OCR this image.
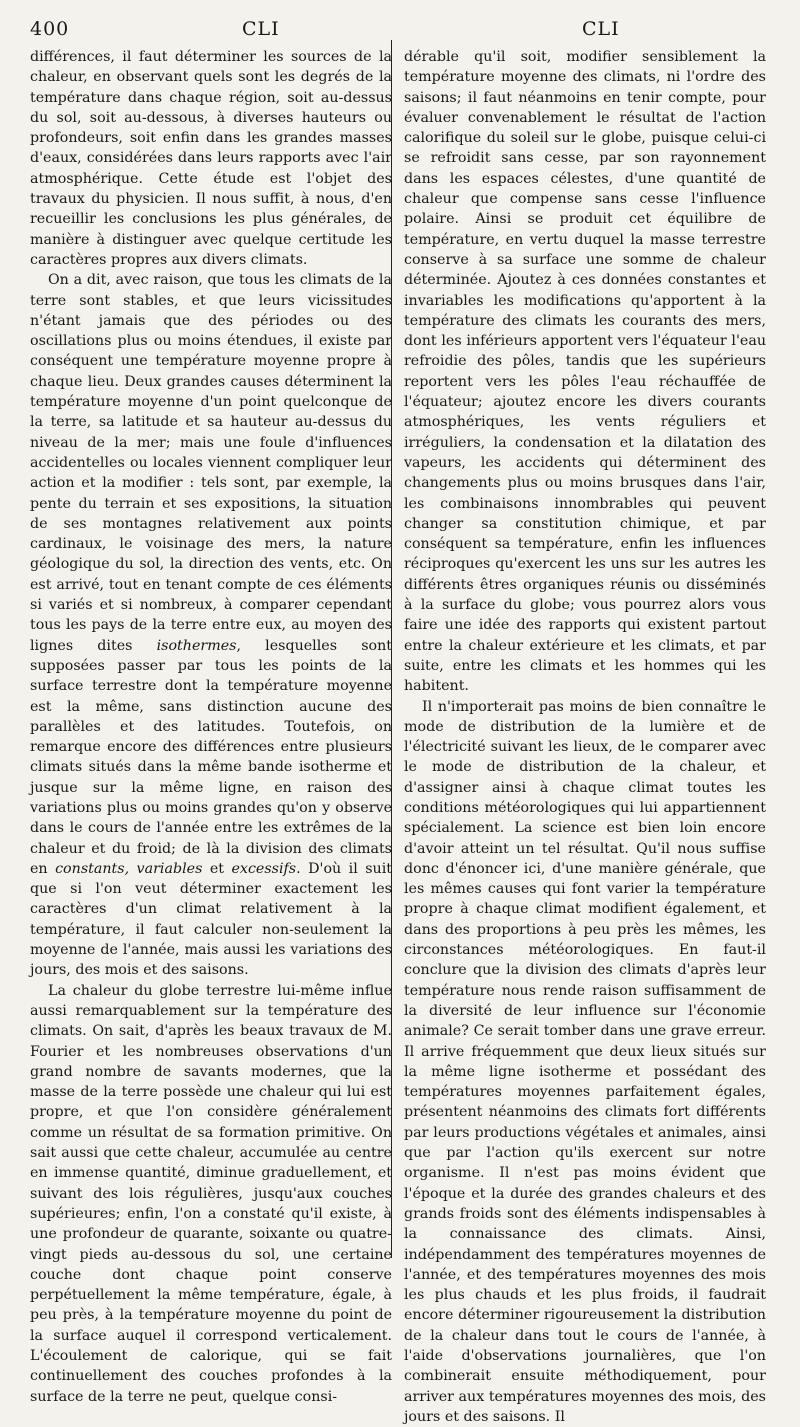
400	CLI	CLI

différences, il faut déterminer les sources de la chaleur, en observant quels sont les degrés de la température dans chaque région, soit au-dessus du sol, soit au-dessous, à diverses hauteurs ou profondeurs, soit enfin dans les grandes masses d'eaux, considérées dans leurs rapports avec l'air atmosphérique. Cette étude est l'objet des travaux du physicien. Il nous suffit, à nous, d'en recueillir les conclusions les plus générales, de manière à distinguer avec quelque certitude les caractères propres aux divers climats.

On a dit, avec raison, que tous les climats de la terre sont stables, et que leurs vicissitudes n'étant jamais que des périodes ou des oscillations plus ou moins étendues, il existe par conséquent une température moyenne propre à chaque lieu. Deux grandes causes déterminent la température moyenne d'un point quelconque de la terre, sa latitude et sa hauteur au-dessus du niveau de la mer; mais une foule d'influences accidentelles ou locales viennent compliquer leur action et la modifier : tels sont, par exemple, la pente du terrain et ses expositions, la situation de ses montagnes relativement aux points cardinaux, le voisinage des mers, la nature géologique du sol, la direction des vents, etc. On est arrivé, tout en tenant compte de ces éléments si variés et si nombreux, à comparer cependant tous les pays de la terre entre eux, au moyen des lignes dites isothermes, lesquelles sont supposées passer par tous les points de la surface terrestre dont la température moyenne est la même, sans distinction aucune des parallèles et des latitudes. Toutefois, on remarque encore des différences entre plusieurs climats situés dans la même bande isotherme et jusque sur la même ligne, en raison des variations plus ou moins grandes qu'on y observe dans le cours de l'année entre les extrêmes de la chaleur et du froid; de là la division des climats en constants, variables et excessifs. D'où il suit que si l'on veut déterminer exactement les caractères d'un climat relativement à la température, il faut calculer non-seulement la moyenne de l'année, mais aussi les variations des jours, des mois et des saisons.

La chaleur du globe terrestre lui-même influe aussi remarquablement sur la température des climats. On sait, d'après les beaux travaux de M. Fourier et les nombreuses observations d'un grand nombre de savants modernes, que la masse de la terre possède une chaleur qui lui est propre, et que l'on considère généralement comme un résultat de sa formation primitive. On sait aussi que cette chaleur, accumulée au centre en immense quantité, diminue graduellement, et suivant des lois régulières, jusqu'aux couches supérieures; enfin, l'on a constaté qu'il existe, à une profondeur de quarante, soixante ou quatre-vingt pieds au-dessous du sol, une certaine couche dont chaque point conserve perpétuellement la même température, égale, à peu près, à la température moyenne du point de la surface auquel il correspond verticalement. L'écoulement de calorique, qui se fait continuellement des couches profondes à la surface de la terre ne peut, quelque consi-

dérable qu'il soit, modifier sensiblement la température moyenne des climats, ni l'ordre des saisons; il faut néanmoins en tenir compte, pour évaluer convenablement le résultat de l'action calorifique du soleil sur le globe, puisque celui-ci se refroidit sans cesse, par son rayonnement dans les espaces célestes, d'une quantité de chaleur que compense sans cesse l'influence polaire. Ainsi se produit cet équilibre de température, en vertu duquel la masse terrestre conserve à sa surface une somme de chaleur déterminée. Ajoutez à ces données constantes et invariables les modifications qu'apportent à la température des climats les courants des mers, dont les inférieurs apportent vers l'équateur l'eau refroidie des pôles, tandis que les supérieurs reportent vers les pôles l'eau réchauffée de l'équateur; ajoutez encore les divers courants atmosphériques, les vents réguliers et irréguliers, la condensation et la dilatation des vapeurs, les accidents qui déterminent des changements plus ou moins brusques dans l'air, les combinaisons innombrables qui peuvent changer sa constitution chimique, et par conséquent sa température, enfin les influences réciproques qu'exercent les uns sur les autres les différents êtres organiques réunis ou disséminés à la surface du globe; vous pourrez alors vous faire une idée des rapports qui existent partout entre la chaleur extérieure et les climats, et par suite, entre les climats et les hommes qui les habitent.

Il n'importerait pas moins de bien connaître le mode de distribution de la lumière et de l'électricité suivant les lieux, de le comparer avec le mode de distribution de la chaleur, et d'assigner ainsi à chaque climat toutes les conditions météorologiques qui lui appartiennent spécialement. La science est bien loin encore d'avoir atteint un tel résultat. Qu'il nous suffise donc d'énoncer ici, d'une manière générale, que les mêmes causes qui font varier la température propre à chaque climat modifient également, et dans des proportions à peu près les mêmes, les circonstances météorologiques. En faut-il conclure que la division des climats d'après leur température nous rende raison suffisamment de la diversité de leur influence sur l'économie animale? Ce serait tomber dans une grave erreur. Il arrive fréquemment que deux lieux situés sur la même ligne isotherme et possédant des températures moyennes parfaitement égales, présentent néanmoins des climats fort différents par leurs productions végétales et animales, ainsi que par l'action qu'ils exercent sur notre organisme. Il n'est pas moins évident que l'époque et la durée des grandes chaleurs et des grands froids sont des éléments indispensables à la connaissance des climats. Ainsi, indépendamment des températures moyennes de l'année, et des températures moyennes des mois les plus chauds et les plus froids, il faudrait encore déterminer rigoureusement la distribution de la chaleur dans tout le cours de l'année, à l'aide d'observations journalières, que l'on combinerait ensuite méthodiquement, pour arriver aux températures moyennes des mois, des jours et des saisons. Il
